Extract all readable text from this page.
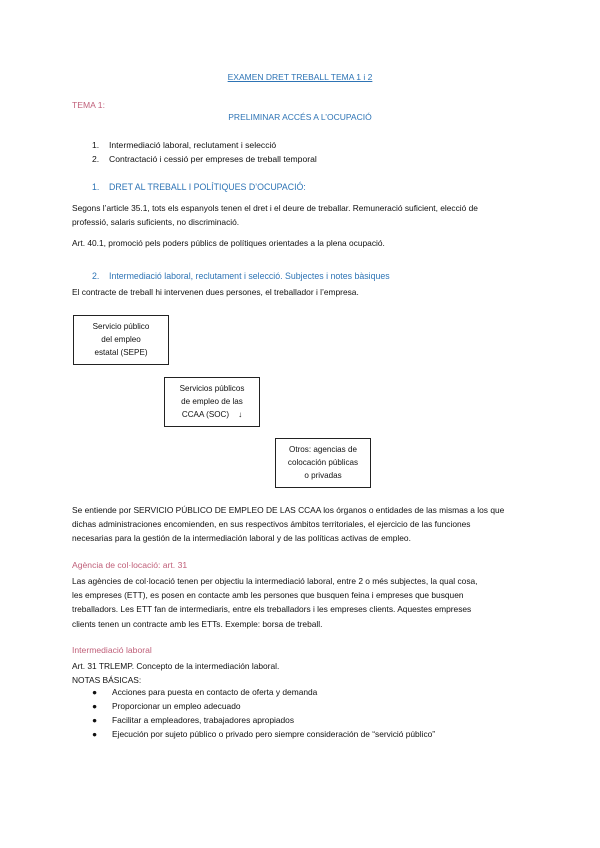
EXAMEN DRET TREBALL TEMA 1 i 2
TEMA 1:
PRELIMINAR ACCÉS A L’OCUPACIÓ
1. Intermediació laboral, reclutament i selecció
2. Contractació i cessió per empreses de treball temporal
1. DRET AL TREBALL I POLÍTIQUES D’OCUPACIÓ:
Segons l’article 35.1, tots els espanyols tenen el dret i el deure de treballar. Remuneració suficient, elecció de
professió, salaris suficients, no discriminació.
Art. 40.1, promoció pels poders públics de polítiques orientades a la plena ocupació.
2. Intermediació laboral, reclutament i selecció. Subjectes i notes bàsiques
El contracte de treball hi intervenen dues persones, el treballador i l’empresa.
Servicio público
del empleo
estatal (SEPE)
Servicios públicos
de empleo de las
CCAA (SOC) ↓
Otros: agencias de
colocación públicas
o privadas
Se entiende por SERVICIO PÚBLICO DE EMPLEO DE LAS CCAA los órganos o entidades de las mismas a los que
dichas administraciones encomienden, en sus respectivos ámbitos territoriales, el ejercicio de las funciones
necesarias para la gestión de la intermediación laboral y de las políticas activas de empleo.
Agència de col·locació: art. 31
Las agències de col·locació tenen per objectiu la intermediació laboral, entre 2 o més subjectes, la qual cosa,
les empreses (ETT), es posen en contacte amb les persones que busquen feina i empreses que busquen
treballadors. Les ETT fan de intermediaris, entre els treballadors i les empreses clients. Aquestes empreses
clients tenen un contracte amb les ETTs. Exemple: borsa de treball.
Intermediació laboral
Art. 31 TRLEMP. Concepto de la intermediación laboral.
NOTAS BÁSICAS:
● Acciones para puesta en contacto de oferta y demanda
● Proporcionar un empleo adecuado
● Facilitar a empleadores, trabajadores apropiados
● Ejecución por sujeto público o privado pero siempre consideración de “servició público”
